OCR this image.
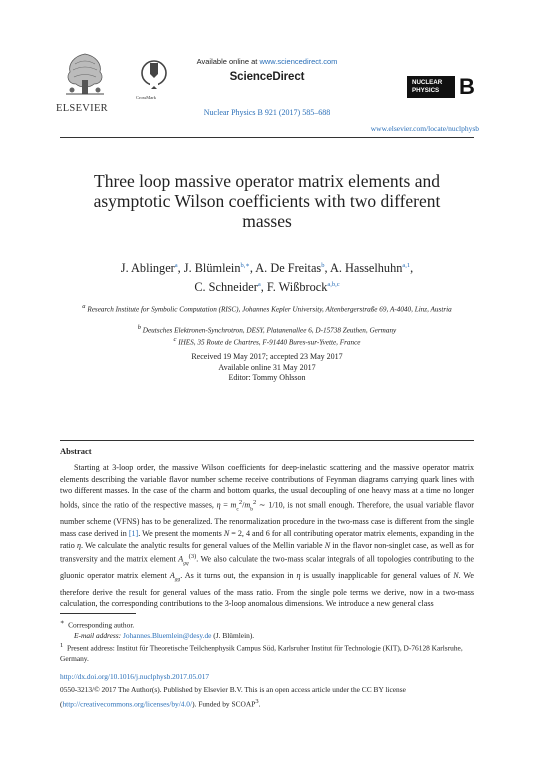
ELSEVIER
CrossMark
Available online at www.sciencedirect.com
ScienceDirect
Nuclear Physics B 921 (2017) 585–688
NUCLEAR
PHYSICS B
www.elsevier.com/locate/nuclphysb
Three loop massive operator matrix elements and
asymptotic Wilson coefficients with two different
masses
J. Ablinger$^a$, J. Blümlein$^{b,∗}$, A. De Freitas$^b$, A. Hasselhuhn$^{a,1}$,
C. Schneider$^a$, F. Wißbrock$^{a,b,c}$
$^a$ Research Institute for Symbolic Computation (RISC), Johannes Kepler University, Altenbergerstraße 69, A-4040, Linz, Austria
$^b$ Deutsches Elektronen-Synchrotron, DESY, Platanenallee 6, D-15738 Zeuthen, Germany
$^c$ IHES, 35 Route de Chartres, F-91440 Bures-sur-Yvette, France
Received 19 May 2017; accepted 23 May 2017
Available online 31 May 2017
Editor: Tommy Ohlsson
Abstract

Starting at 3-loop order, the massive Wilson coefficients for deep-inelastic scattering and the massive operator matrix elements describing the variable flavor number scheme receive contributions of Feynman diagrams carrying quark lines with two different masses. In the case of the charm and bottom quarks, the usual decoupling of one heavy mass at a time no longer holds, since the ratio of the respective masses, $\eta = m_c^2/m_b^2$ ∼ 1/10, is not small enough. Therefore, the usual variable flavor number scheme (VFNS) has to be generalized. The renormalization procedure in the two-mass case is different from the single mass case derived in [1]. We present the moments N = 2, 4 and 6 for all contributing operator matrix elements, expanding in the ratio η. We calculate the analytic results for general values of the Mellin variable N in the flavor non-singlet case, as well as for transversity and the matrix element $A_{gq}^{(3)}$. We also calculate the two-mass scalar integrals of all topologies contributing to the gluonic operator matrix element $A_{gg}$. As it turns out, the expansion in η is usually inapplicable for general values of N. We therefore derive the result for general values of the mass ratio. From the single pole terms we derive, now in a two-mass calculation, the corresponding contributions to the 3-loop anomalous dimensions. We introduce a new general class

∗ Corresponding author.
E-mail address: Johannes.Bluemlein@desy.de (J. Blümlein).
$^1$ Present address: Institut für Theoretische Teilchenphysik Campus Süd, Karlsruher Institut für Technologie (KIT), D-76128 Karlsruhe, Germany.
http://dx.doi.org/10.1016/j.nuclphysb.2017.05.017
0550-3213/© 2017 The Author(s). Published by Elsevier B.V. This is an open access article under the CC BY license
(http://creativecommons.org/licenses/by/4.0/). Funded by SCOAP$^3$.
